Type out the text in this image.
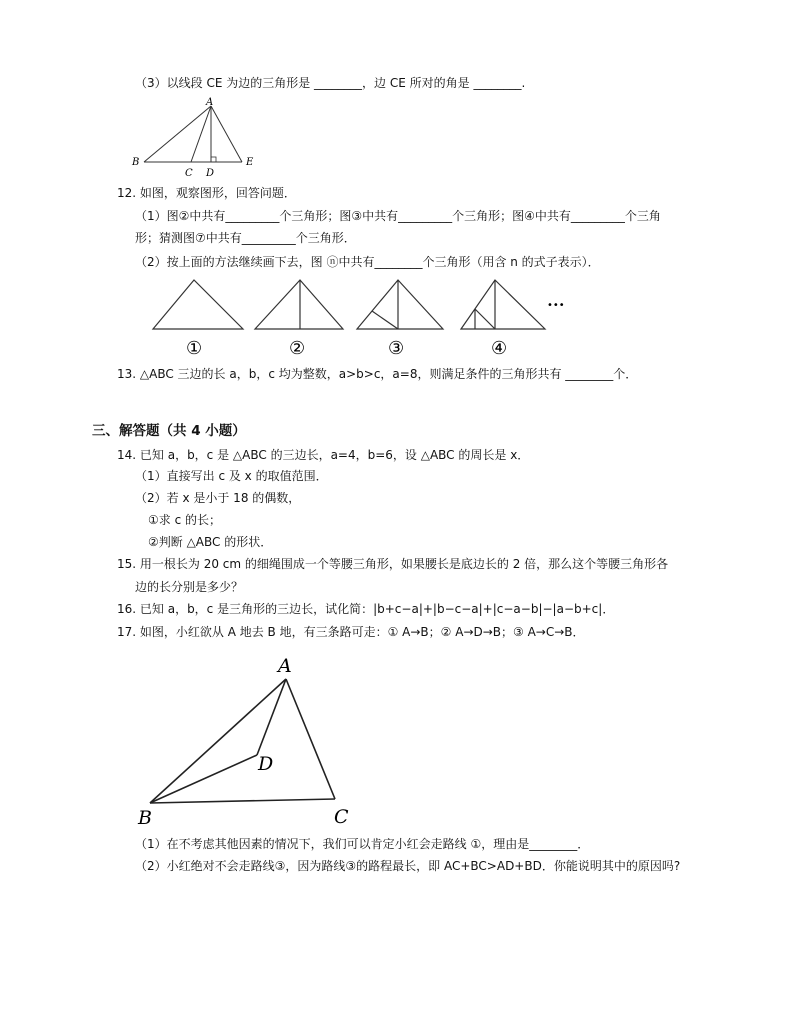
（3）以线段 CE 为边的三角形是 ________，边 CE 所对的角是 ________.
A
B
C D
E
12. 如图，观察图形，回答问题．
（1）图②中共有_________个三角形；图③中共有_________个三角形；图④中共有_________个三角
形；猜测图⑦中共有_________个三角形．
（2）按上面的方法继续画下去，图 ⓝ中共有________个三角形（用含 n 的式子表示）．
•••
①	②	③	④
13. △ABC 三边的长 a，b，c 均为整数，a>b>c，a=8，则满足条件的三角形共有 ________个．
三、解答题（共 4 小题）
14. 已知 a，b，c 是 △ABC 的三边长，a=4，b=6，设 △ABC 的周长是 x．
（1）直接写出 c 及 x 的取值范围．
（2）若 x 是小于 18 的偶数，
①求 c 的长；
②判断 △ABC 的形状．
15. 用一根长为 20 cm 的细绳围成一个等腰三角形，如果腰长是底边长的 2 倍，那么这个等腰三角形各
边的长分别是多少？
16. 已知 a，b，c 是三角形的三边长，试化简：|b+c−a|+|b−c−a|+|c−a−b|−|a−b+c|．
17. 如图，小红欲从 A 地去 B 地，有三条路可走：① A→B；② A→D→B；③ A→C→B．
A
D
B	C
（1）在不考虑其他因素的情况下，我们可以肯定小红会走路线 ①，理由是________．
（2）小红绝对不会走路线③，因为路线③的路程最长，即 AC+BC>AD+BD．你能说明其中的原因吗?
